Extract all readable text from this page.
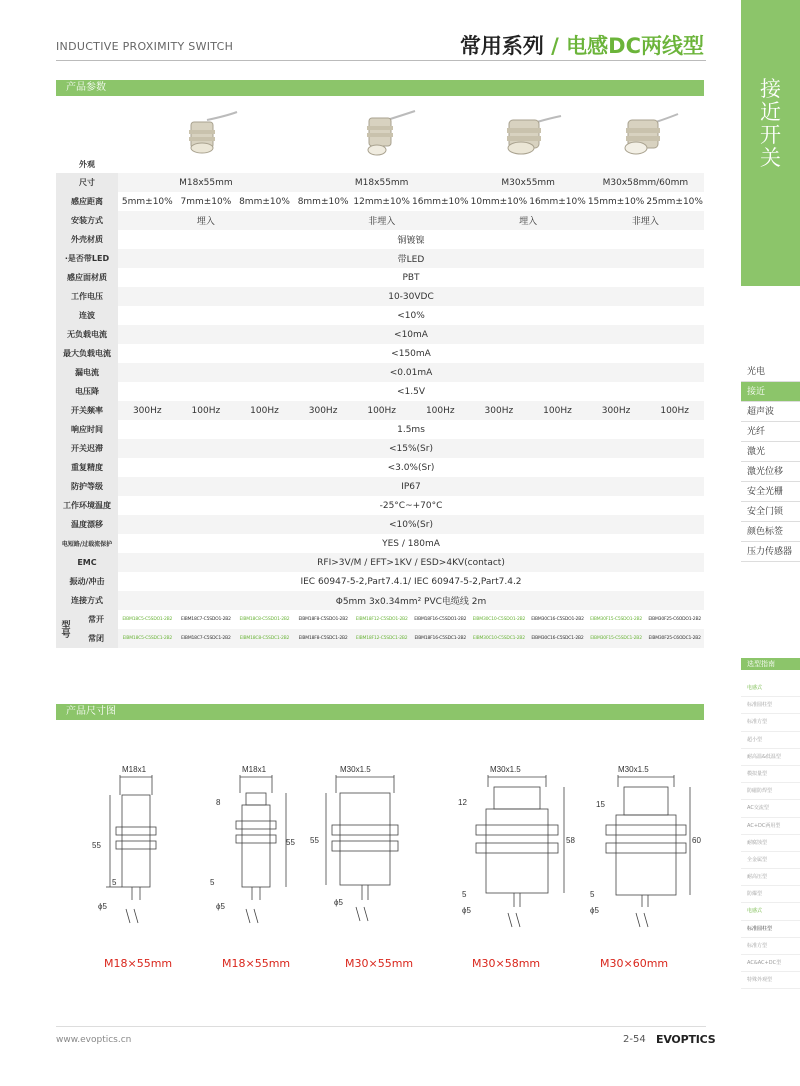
INDUCTIVE PROXIMITY SWITCH	常用系列 / 电感DC两线型
接
近
开
关
产品参数
外观				
尺寸		M18x55mm			M18x55mm			M30x55mm		M30x58mm/60mm	
感应距离		5mm±10%	7mm±10%	8mm±10%	8mm±10%	12mm±10%	16mm±10%	10mm±10%	16mm±10%	15mm±10%	25mm±10%
安装方式		埋入			非埋入			埋入		非埋入	
外壳材质		铜镀镍									
·是否带LED		带LED									
感应面材质		PBT									
工作电压		10-30VDC									
连波		<10%									
无负载电流		<10mA									
最大负载电流		<150mA									
漏电流		<0.01mA									
电压降		<1.5V									
开关频率		300Hz	100Hz	100Hz	300Hz	100Hz	100Hz	300Hz	100Hz	300Hz	100Hz
响应时间		1.5ms									
开关迟滞		<15%(Sr)									
重复精度		<3.0%(Sr)									
防护等级		IP67									
工作环境温度		-25°C~+70°C									
温度漂移		<10%(Sr)									
电短路/过载流保护		YES / 180mA									
EMC		RFI>3V/M / EFT>1KV / ESD>4KV(contact)									
振动/冲击		IEC 60947-5-2,Part7.4.1/ IEC 60947-5-2,Part7.4.2									
连接方式		Φ5mm 3x0.34mm² PVC电缆线 2m									
型号	常开	EIBM18C5-C5SDO1-2B2	EIBM18C7-C5SDO1-2B2	EIBM18C8-C5SDO1-2B2	EIBM18F8-C5SDO1-2B2	EIBM18F12-C5SDO1-2B2	EIBM18F16-C5SDO1-2B2	EIBM30C10-C5SDO1-2B2	EIBM30C16-C5SDO1-2B2	EIBM30F15-C5SDO1-2B2	EIBM30F25-C6ODO1-2B2
	常闭	EIBM18C5-C5SDC1-2B2	EIBM18C7-C5SDC1-2B2	EIBM18C8-C5SDC1-2B2	EIBM18F8-C5SDC1-2B2	EIBM18F12-C5SDC1-2B2	EIBM18F16-C5SDC1-2B2	EIBM30C10-C5SDC1-2B2	EIBM30C16-C5SDC1-2B2	EIBM30F15-C5SDC1-2B2	EIBM30F25-C6ODC1-2B2
光电
接近
超声波
光纤
激光
激光位移
安全光栅
安全门锁
颜色标签
压力传感器
选型指南
电感式
标准圆柱型
标准方型
超小型
耐高温&低温型
模拟量型
防磁防焊型
AC交流型
AC+DC两用型
耐腐蚀型
全金属型
耐高压型
防爆型
电感式
标准圆柱型
标准方型
AC&AC+DC型
特殊外观型
产品尺寸图
M18x1
55
5
ϕ5
M18x1
8
55
5
ϕ5
M30x1.5
55
ϕ5
M30x1.5
12
58
5
ϕ5
M30x1.5
15
60
5
ϕ5
M18×55mm	M18×55mm	M30×55mm	M30×58mm	M30×60mm
www.evoptics.cn	2-54 EVOPTICS
